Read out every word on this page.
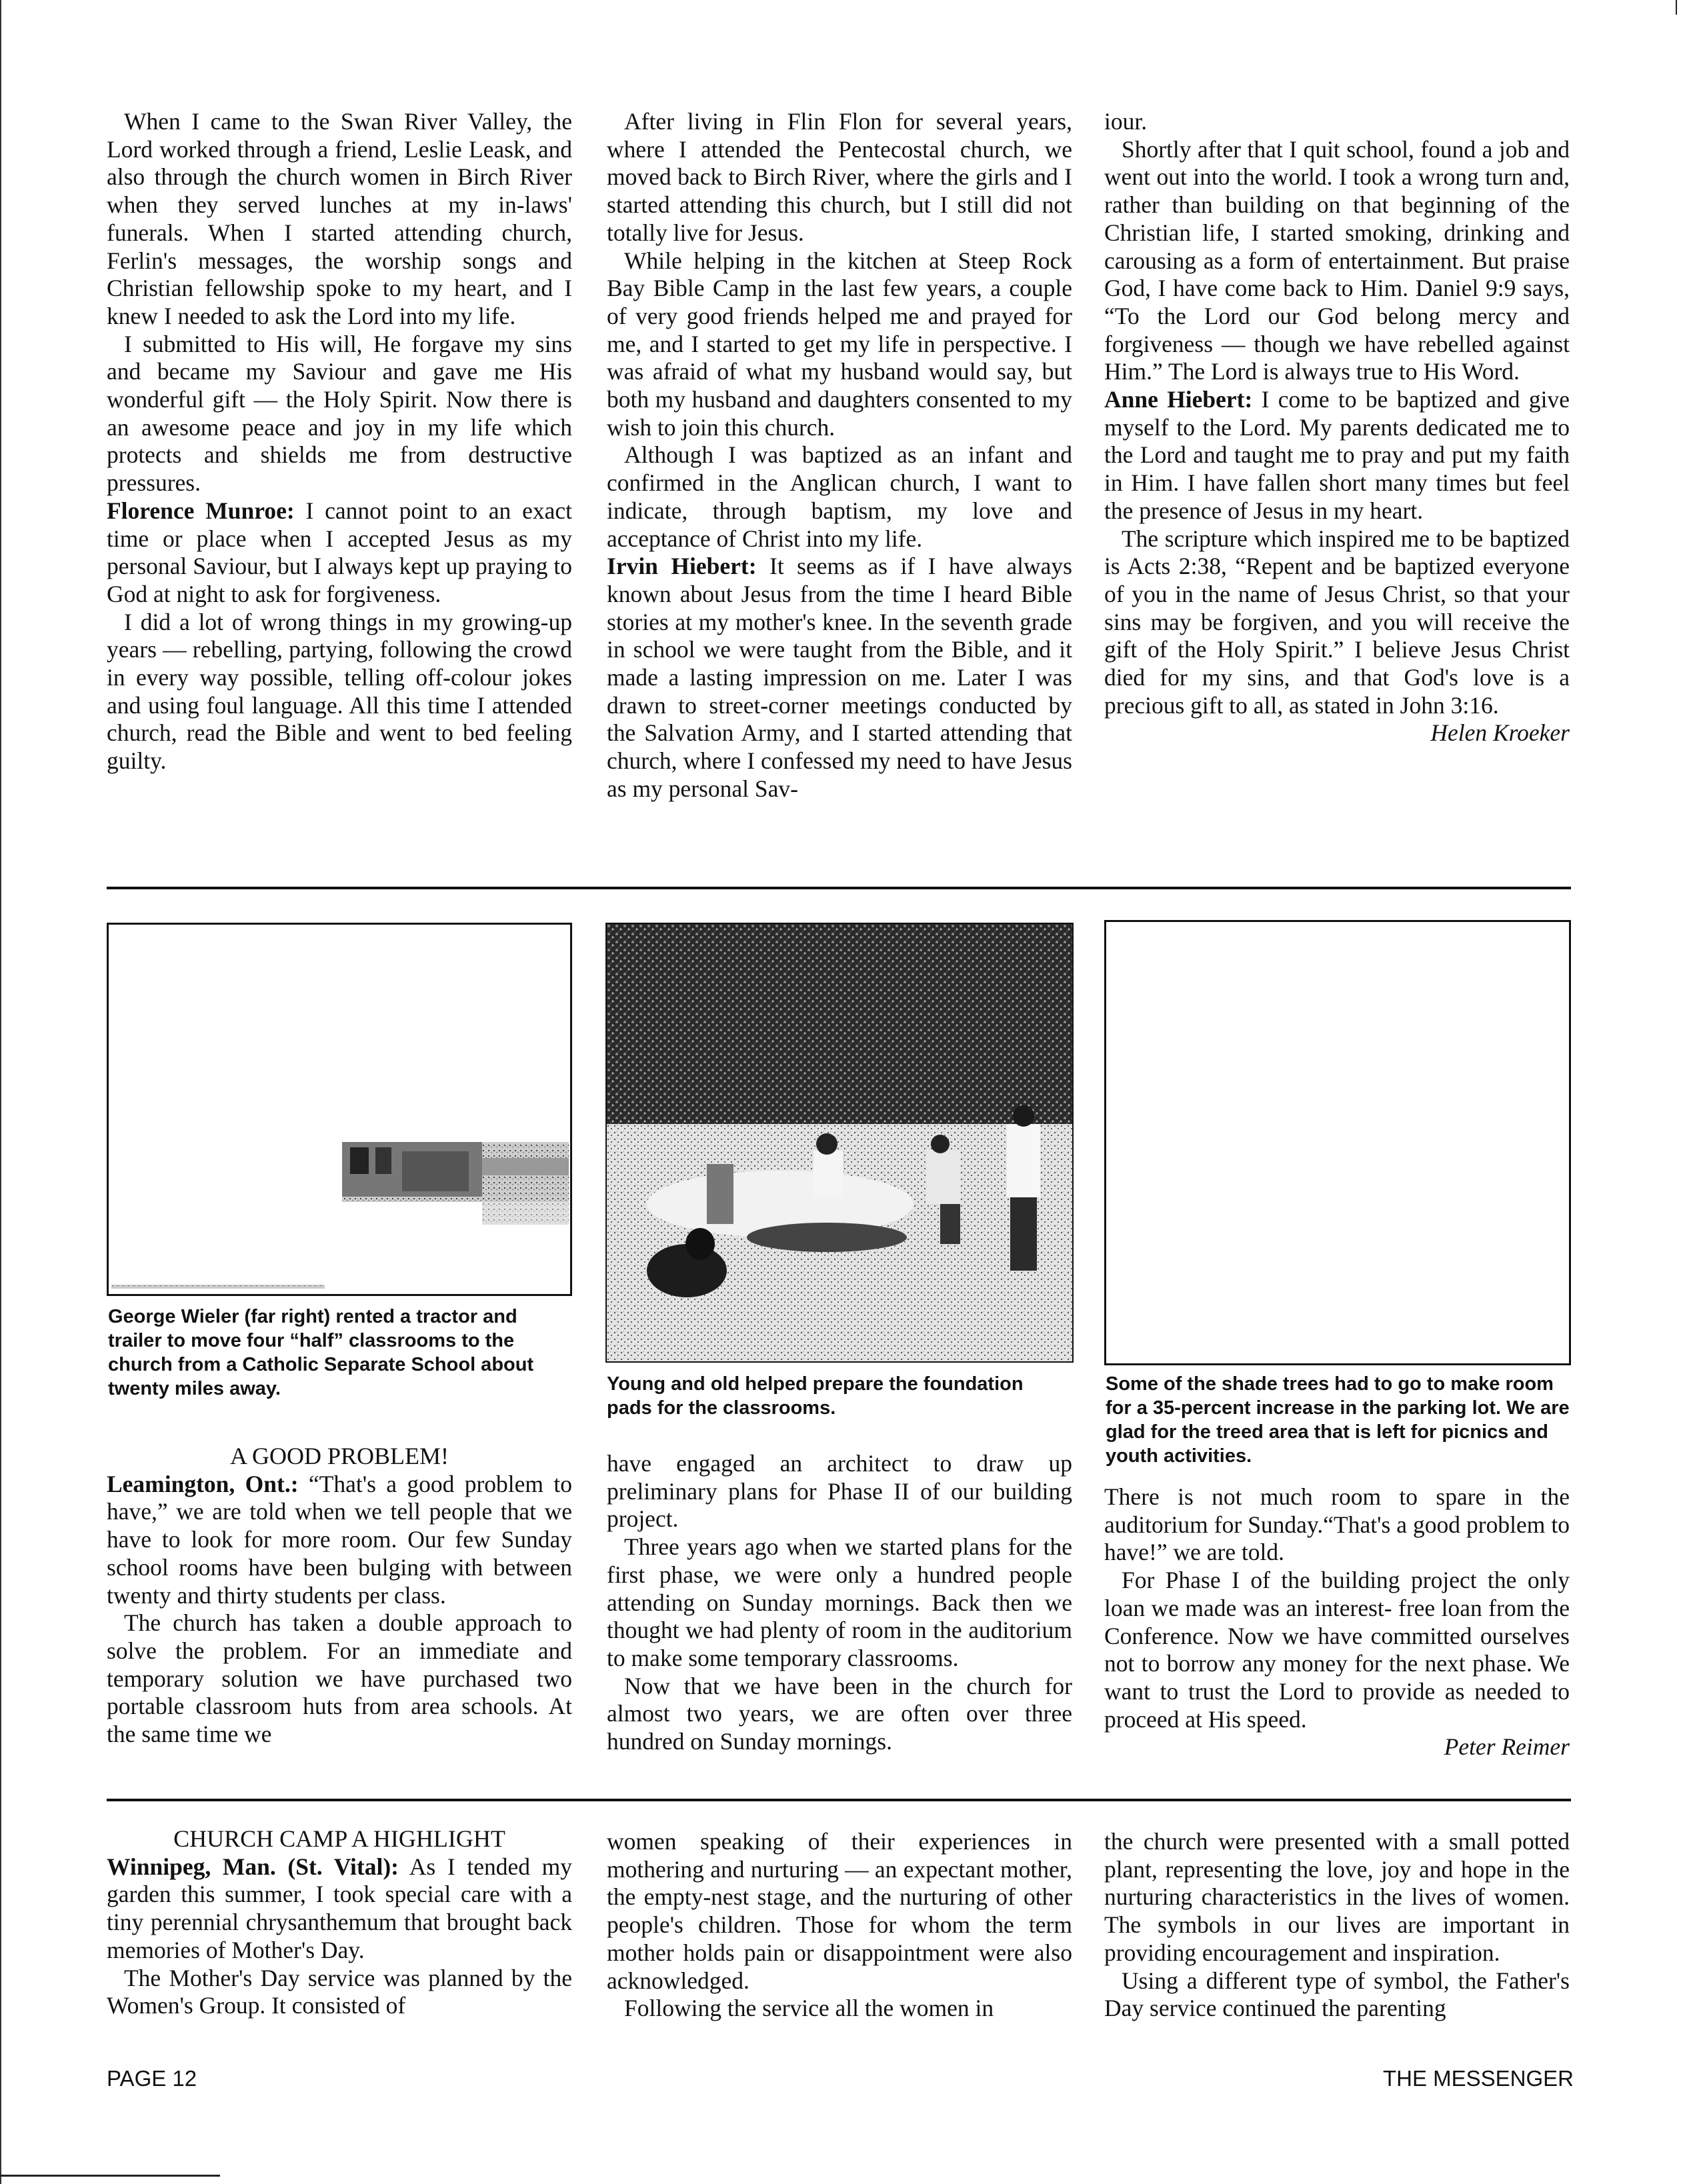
When I came to the Swan River Valley, the Lord worked through a friend, Leslie Leask, and also through the church women in Birch River when they served lunches at my in-laws' funerals. When I started attending church, Ferlin's messages, the worship songs and Christian fellowship spoke to my heart, and I knew I needed to ask the Lord into my life.

I submitted to His will, He forgave my sins and became my Saviour and gave me His wonderful gift — the Holy Spirit. Now there is an awesome peace and joy in my life which protects and shields me from destructive pressures.

Florence Munroe: I cannot point to an exact time or place when I accepted Jesus as my personal Saviour, but I always kept up praying to God at night to ask for forgiveness.

I did a lot of wrong things in my growing-up years — rebelling, partying, following the crowd in every way possible, telling off-colour jokes and using foul language. All this time I attended church, read the Bible and went to bed feeling guilty.

After living in Flin Flon for several years, where I attended the Pentecostal church, we moved back to Birch River, where the girls and I started attending this church, but I still did not totally live for Jesus.

While helping in the kitchen at Steep Rock Bay Bible Camp in the last few years, a couple of very good friends helped me and prayed for me, and I started to get my life in perspective. I was afraid of what my husband would say, but both my husband and daughters consented to my wish to join this church.

Although I was baptized as an infant and confirmed in the Anglican church, I want to indicate, through baptism, my love and acceptance of Christ into my life.

Irvin Hiebert: It seems as if I have always known about Jesus from the time I heard Bible stories at my mother's knee. In the seventh grade in school we were taught from the Bible, and it made a lasting impression on me. Later I was drawn to street-corner meetings conducted by the Salvation Army, and I started attending that church, where I confessed my need to have Jesus as my personal Sav-

iour.

Shortly after that I quit school, found a job and went out into the world. I took a wrong turn and, rather than building on that beginning of the Christian life, I started smoking, drinking and carousing as a form of entertainment. But praise God, I have come back to Him. Daniel 9:9 says, “To the Lord our God belong mercy and forgiveness — though we have rebelled against Him.” The Lord is always true to His Word.

Anne Hiebert: I come to be baptized and give myself to the Lord. My parents dedicated me to the Lord and taught me to pray and put my faith in Him. I have fallen short many times but feel the presence of Jesus in my heart.

The scripture which inspired me to be baptized is Acts 2:38, “Repent and be baptized everyone of you in the name of Jesus Christ, so that your sins may be forgiven, and you will receive the gift of the Holy Spirit.” I believe Jesus Christ died for my sins, and that God's love is a precious gift to all, as stated in John 3:16.

Helen Kroeker

George Wieler (far right) rented a tractor and trailer to move four “half” classrooms to the church from a Catholic Separate School about twenty miles away.	Young and old helped prepare the foundation pads for the classrooms.
Some of the shade trees had to go to make room for a 35-percent increase in the parking lot. We are glad for the treed area that is left for picnics and youth activities.

A GOOD PROBLEM!

Leamington, Ont.: “That's a good problem to have,” we are told when we tell people that we have to look for more room. Our few Sunday school rooms have been bulging with between twenty and thirty students per class.

The church has taken a double approach to solve the problem. For an immediate and temporary solution we have purchased two portable classroom huts from area schools. At the same time we

have engaged an architect to draw up preliminary plans for Phase II of our building project.

Three years ago when we started plans for the first phase, we were only a hundred people attending on Sunday mornings. Back then we thought we had plenty of room in the auditorium to make some temporary classrooms.

Now that we have been in the church for almost two years, we are often over three hundred on Sunday mornings.

There is not much room to spare in the auditorium for Sunday.“That's a good problem to have!” we are told.

For Phase I of the building project the only loan we made was an interest- free loan from the Conference. Now we have committed ourselves not to borrow any money for the next phase. We want to trust the Lord to provide as needed to proceed at His speed.

Peter Reimer

CHURCH CAMP A HIGHLIGHT

Winnipeg, Man. (St. Vital): As I tended my garden this summer, I took special care with a tiny perennial chrysanthemum that brought back memories of Mother's Day.

The Mother's Day service was planned by the Women's Group. It consisted of

women speaking of their experiences in mothering and nurturing — an expectant mother, the empty-nest stage, and the nurturing of other people's children. Those for whom the term mother holds pain or disappointment were also acknowledged.

Following the service all the women in

the church were presented with a small potted plant, representing the love, joy and hope in the nurturing characteristics in the lives of women. The symbols in our lives are important in providing encouragement and inspiration.

Using a different type of symbol, the Father's Day service continued the parenting

PAGE 12	THE MESSENGER
